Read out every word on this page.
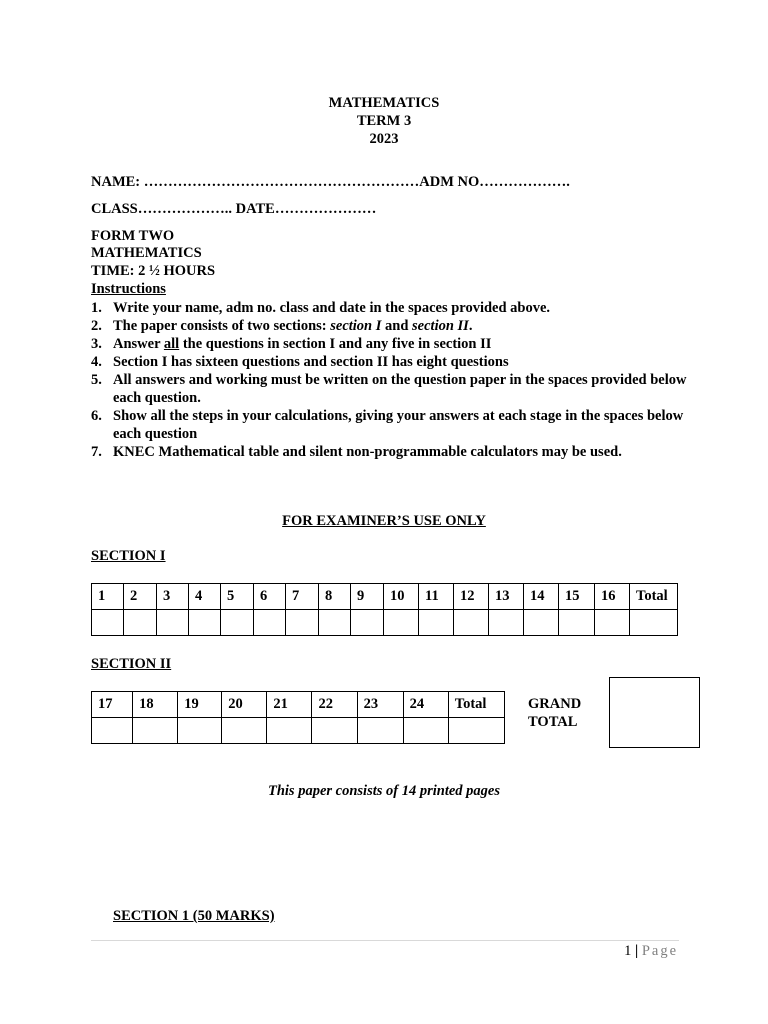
MATHEMATICS
TERM 3
2023
NAME: …………………………………………………ADM NO……………….
CLASS……………….. DATE…………………
FORM TWO
MATHEMATICS
TIME: 2 ½ HOURS
Instructions
1. Write your name, adm no. class and date in the spaces provided above.
2. The paper consists of two sections: section I and section II.
3. Answer all the questions in section I and any five in section II
4. Section I has sixteen questions and section II has eight questions
5. All answers and working must be written on the question paper in the spaces provided below each question.
6. Show all the steps in your calculations, giving your answers at each stage in the spaces below each question
7. KNEC Mathematical table and silent non-programmable calculators may be used.
FOR EXAMINER’S USE ONLY
SECTION I
1	2	3	4	5	6	7	8	9	10	11	12	13	14	15	16	Total

SECTION II
17	18	19	20	21	22	23	24	Total
									GRAND
TOTAL
This paper consists of 14 printed pages
SECTION 1 (50 MARKS)
1 | Page
